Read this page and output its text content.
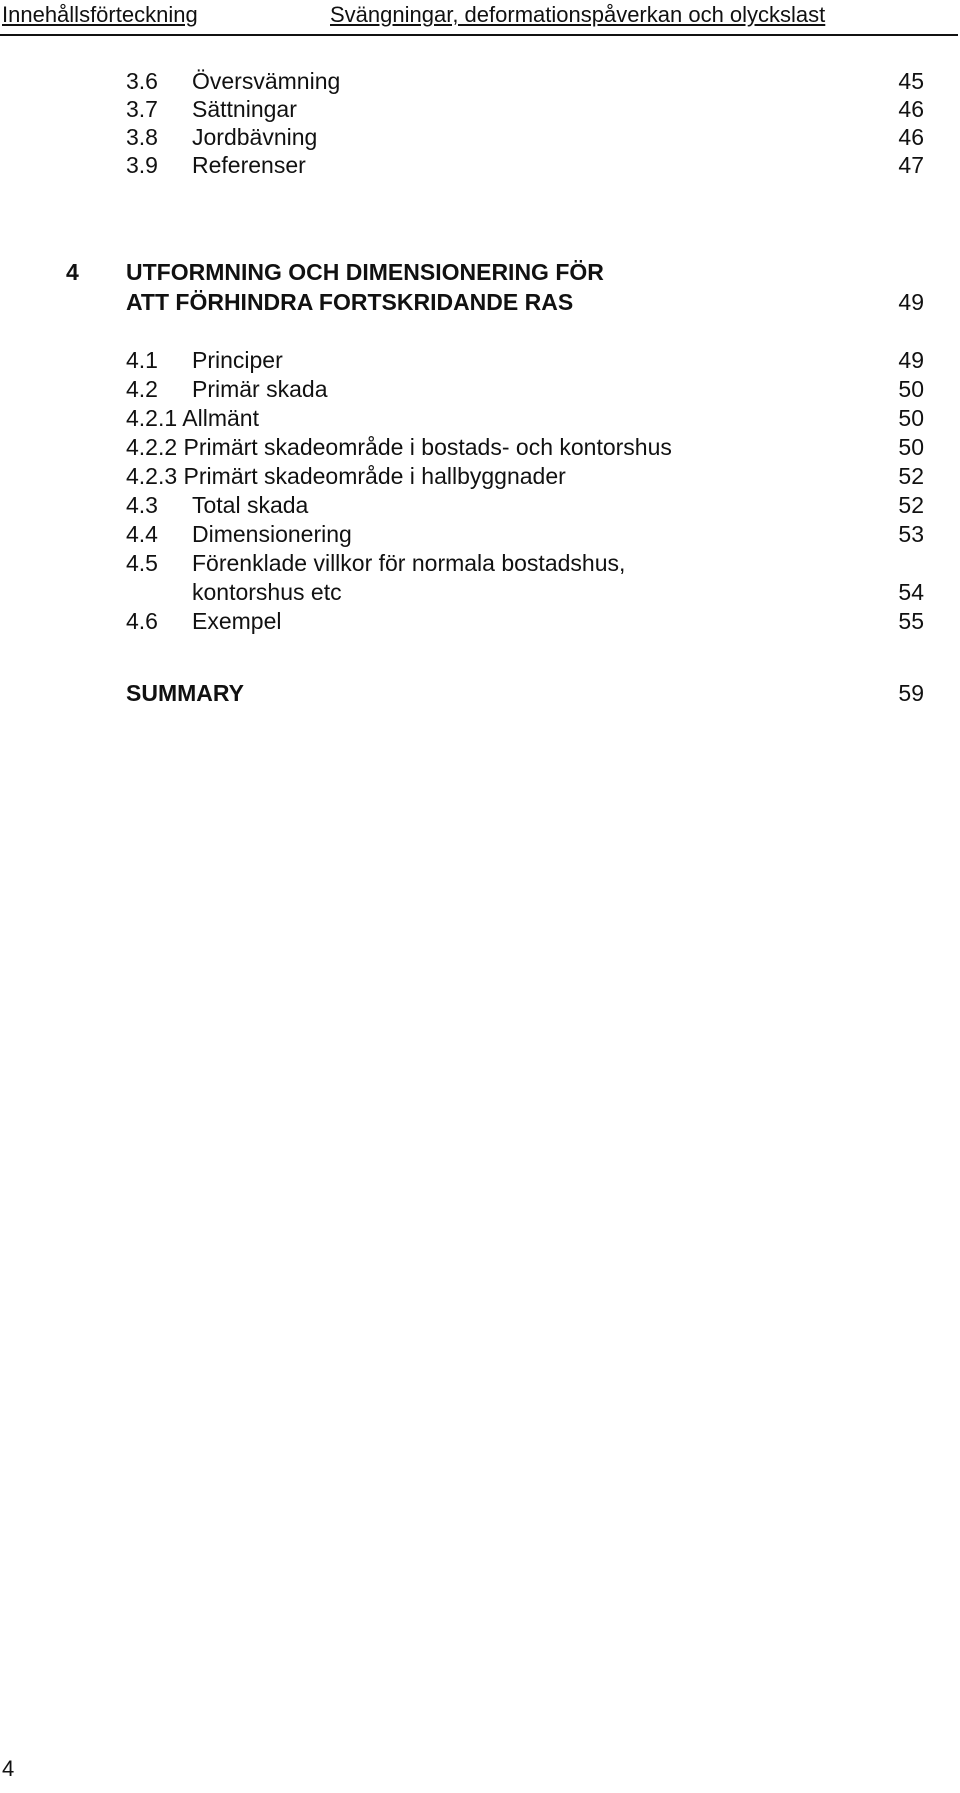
Innehållsförteckning	Svängningar, deformationspåverkan och olyckslast
3.6 Översvämning	45
3.7 Sättningar	46
3.8 Jordbävning	46
3.9 Referenser	47
4 UTFORMNING OCH DIMENSIONERING FÖR
ATT FÖRHINDRA FORTSKRIDANDE RAS	49
4.1 Principer	49
4.2 Primär skada	50
4.2.1 Allmänt	50
4.2.2 Primärt skadeområde i bostads- och kontorshus	50
4.2.3 Primärt skadeområde i hallbyggnader	52
4.3 Total skada	52
4.4 Dimensionering	53
4.5 Förenklade villkor för normala bostadshus,
kontorshus etc	54
4.6 Exempel	55
SUMMARY	59
4
